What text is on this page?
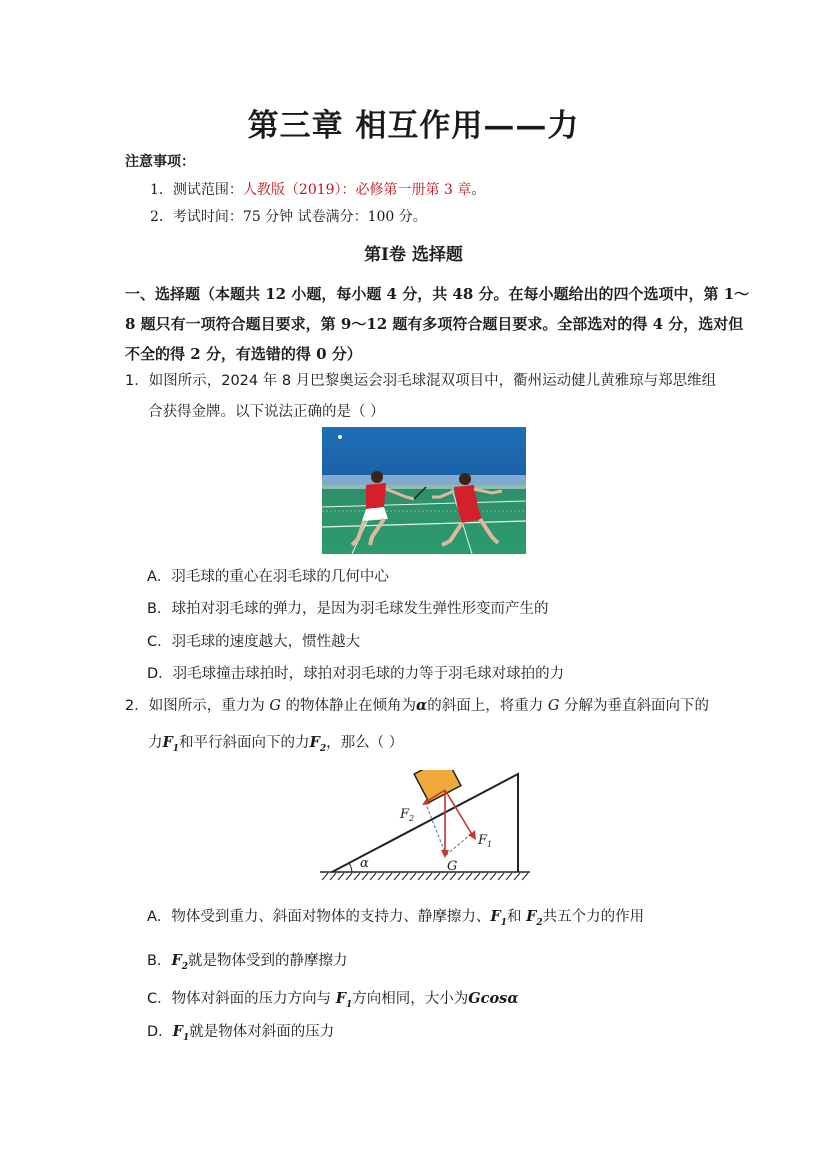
第三章 相互作用——力
注意事项：
1．测试范围：人教版（2019）：必修第一册第 3 章。
2．考试时间：75 分钟 试卷满分：100 分。
第Ⅰ卷 选择题
一、选择题（本题共 12 小题，每小题 4 分，共 48 分。在每小题给出的四个选项中，第 1～
8 题只有一项符合题目要求，第 9～12 题有多项符合题目要求。全部选对的得 4 分，选对但
不全的得 2 分，有选错的得 0 分）
1．如图所示，2024 年 8 月巴黎奥运会羽毛球混双项目中，衢州运动健儿黄雅琼与郑思维组
合获得金牌。以下说法正确的是（ ）
A．羽毛球的重心在羽毛球的几何中心
B．球拍对羽毛球的弹力，是因为羽毛球发生弹性形变而产生的
C．羽毛球的速度越大，惯性越大
D．羽毛球撞击球拍时，球拍对羽毛球的力等于羽毛球对球拍的力
2．如图所示，重力为 G 的物体静止在倾角为α的斜面上，将重力 G 分解为垂直斜面向下的
力$F_1$和平行斜面向下的力$F_2$，那么（ ）
α
$F_2$
$F_1$
G
A．物体受到重力、斜面对物体的支持力、静摩擦力、$F_1$和 $F_2$共五个力的作用
B．$F_2$就是物体受到的静摩擦力
C．物体对斜面的压力方向与 $F_1$方向相同，大小为Gcosα
D．$F_1$就是物体对斜面的压力
